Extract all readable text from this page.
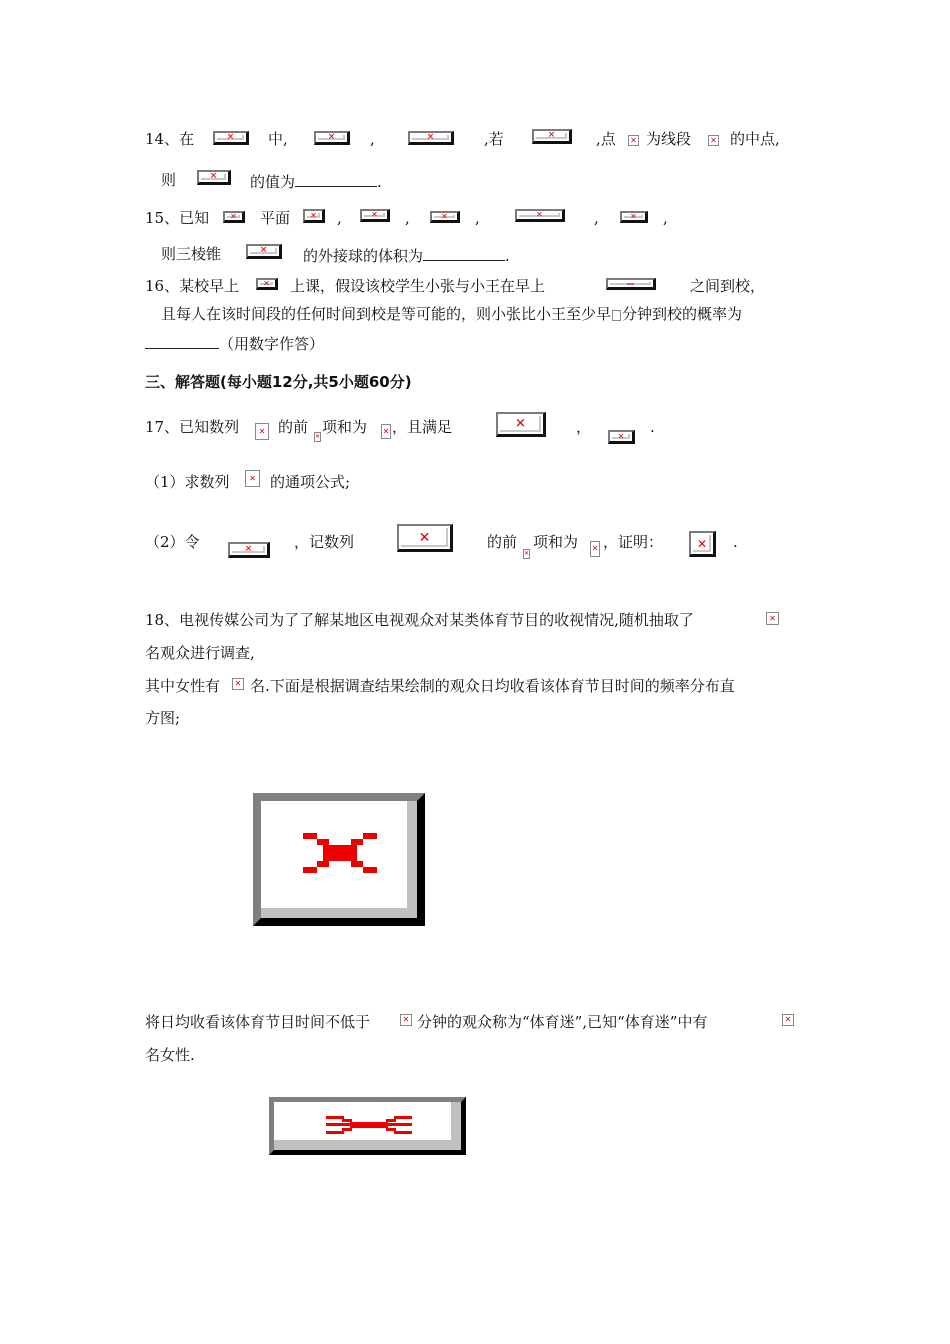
14、在	✕ 中,	✕ ,	✕	,若	✕	,点 ✕ 为线段 ✕ 的中点,
则	✕ 的值为	.
15、已知	✕ 平面	✕ ,	✕ ,	✕ ,	✕	,	✕ ,
则三棱锥	✕ 的外接球的体积为	.
16、某校早上	✕ 上课，假设该校学生小张与小王在早上	—	之间到校，
且每人在该时间段的任何时间到校是等可能的，则小张比小王至少早 分钟到校的概率为
（用数字作答）
三、解答题(每小题12分,共5小题60分)
17、已知数列 ✕ 的前
✕
项和为 ✕ ，且满足	✕	，	✕ .
（1）求数列 ✕ 的通项公式;
（2）令	✕	，记数列	✕	的前
✕
项和为 ✕ ，证明：	✕ .
18、电视传媒公司为了了解某地区电视观众对某类体育节目的收视情况,随机抽取了	✕
名观众进行调查,
其中女性有 ✕ 名.下面是根据调查结果绘制的观众日均收看该体育节目时间的频率分布直
方图;
将日均收看该体育节目时间不低于	✕ 分钟的观众称为“体育迷”,已知“体育迷”中有	✕
名女性.
